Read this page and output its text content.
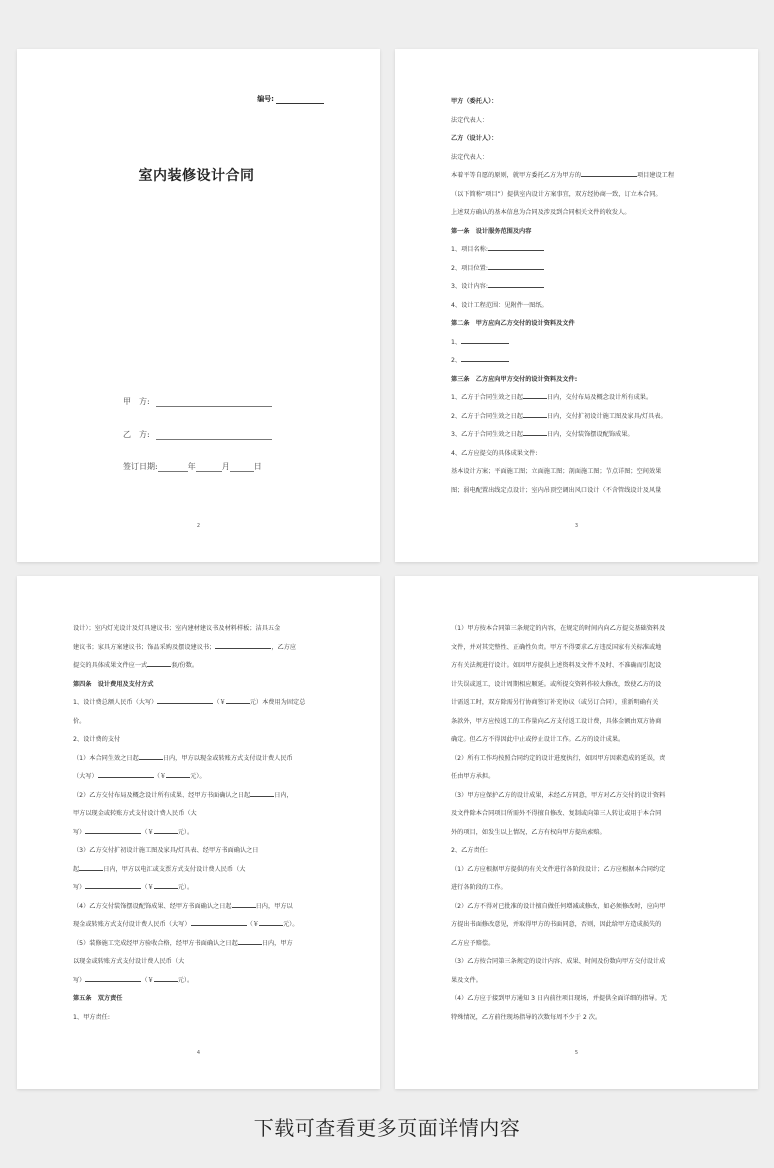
编号:
室内装修设计合同
甲　方:
乙　方:
签订日期:	年	月	日
2
甲方（委托人）：
法定代表人：
乙方（设计人）：
法定代表人：
本着平等自愿的原则，就甲方委托乙方为甲方的	项目建设工程
（以下简称“项目”）提供室内设计方案事宜，双方经协商一致，订立本合同。
上述双方确认的基本信息为合同及涉及到合同相关文件的收发人。
第一条　设计服务范围及内容
1、项目名称:
2、项目位置:
3、设计内容:
4、设计工程范围：见附件一图纸。
第二条　甲方应向乙方交付的设计资料及文件
1、
2、
第三条　乙方应向甲方交付的设计资料及文件:
1、乙方于合同生效之日起	日内，交付布局及概念设计所有成果。
2、乙方于合同生效之日起	日内，交付扩初设计施工图及家具/灯具表。
3、乙方于合同生效之日起	日内，交付装饰摆设配饰成果。
4、乙方应提交的具体成果文件:
基本设计方案；平面施工图；立面施工图；剖面施工图；节点详图；空间效果
图；弱电配置出线定点设计；室内吊顶空调出风口设计（不含管线设计及风量
3
设计）；室内灯光设计及灯具建议书；室内建材建议书及材料样板；洁具五金
建议书；家具方案建议书；饰品采购及摆设建议书；	，乙方应
提交的具体成果文件应一式	套/份数。
第四条　设计费用及支付方式
1、设计费总额人民币（大写）	（￥	元）本费用为固定总
价。
2、设计费的支付
（1）本合同生效之日起	日内，甲方以现金或转账方式支付设计费人民币
（大写）	（￥	元）。
（2）乙方交付布局及概念设计所有成果、经甲方书面确认之日起	日内，
甲方以现金或转账方式支付设计费人民币（大
写）	（￥	元）。
（3）乙方交付扩初设计施工图及家具/灯具表、经甲方书面确认之日
起	日内，甲方以电汇或支票方式支付设计费人民币（大
写）	（￥	元）。
（4）乙方交付装饰摆设配饰成果、经甲方书面确认之日起	日内，甲方以
现金或转账方式支付设计费人民币（大写）	（￥	元）。
（5）装修施工完成经甲方验收合格，经甲方书面确认之日起	日内，甲方
以现金或转账方式支付设计费人民币（大
写）	（￥	元）。
第五条　双方责任
1、甲方责任:
4
（1）甲方按本合同第三条规定的内容，在规定的时间内向乙方提交基础资料及
文件，并对其完整性、正确性负责。甲方不得要求乙方违反国家有关标准或地
方有关法规进行设计。如因甲方提供上述资料及文件不及时、不准确而引起设
计失误或返工，设计周期相应顺延。或所提交资料作较大修改，致使乙方的设
计需返工时，双方除需另行协商签订补充协议（或另订合同），重新明确有关
条款外，甲方应按返工的工作量向乙方支付返工设计费，具体金额由双方协商
确定。但乙方不得因此中止或停止设计工作。乙方的设计成果。
（2）所有工作均按照合同约定的设计进度执行，如因甲方因素造成的延误，责
任由甲方承担。
（3）甲方应保护乙方的设计成果，未经乙方同意，甲方对乙方交付的设计资料
及文件除本合同项目所需外不得擅自修改、复制或向第三人转让或用于本合同
外的项目，如发生以上情况，乙方有权向甲方提出索赔。
2、乙方责任:
（1）乙方应根据甲方提供的有关文件进行各阶段设计；乙方应根据本合同约定
进行各阶段的工作。
（2）乙方不得对已批准的设计擅自做任何增减或修改，如必须修改时，应向甲
方提出书面修改意见，并取得甲方的书面同意，否则，因此给甲方造成损失的
乙方应予赔偿。
（3）乙方按合同第三条规定的设计内容、成果、时间及份数向甲方交付设计成
果及文件。
（4）乙方应于接到甲方通知 3 日内前往项目现场，并提供全面详细的指导。无
特殊情况，乙方前往现场指导的次数每周不少于 2 次。
5
下载可查看更多页面详情内容
